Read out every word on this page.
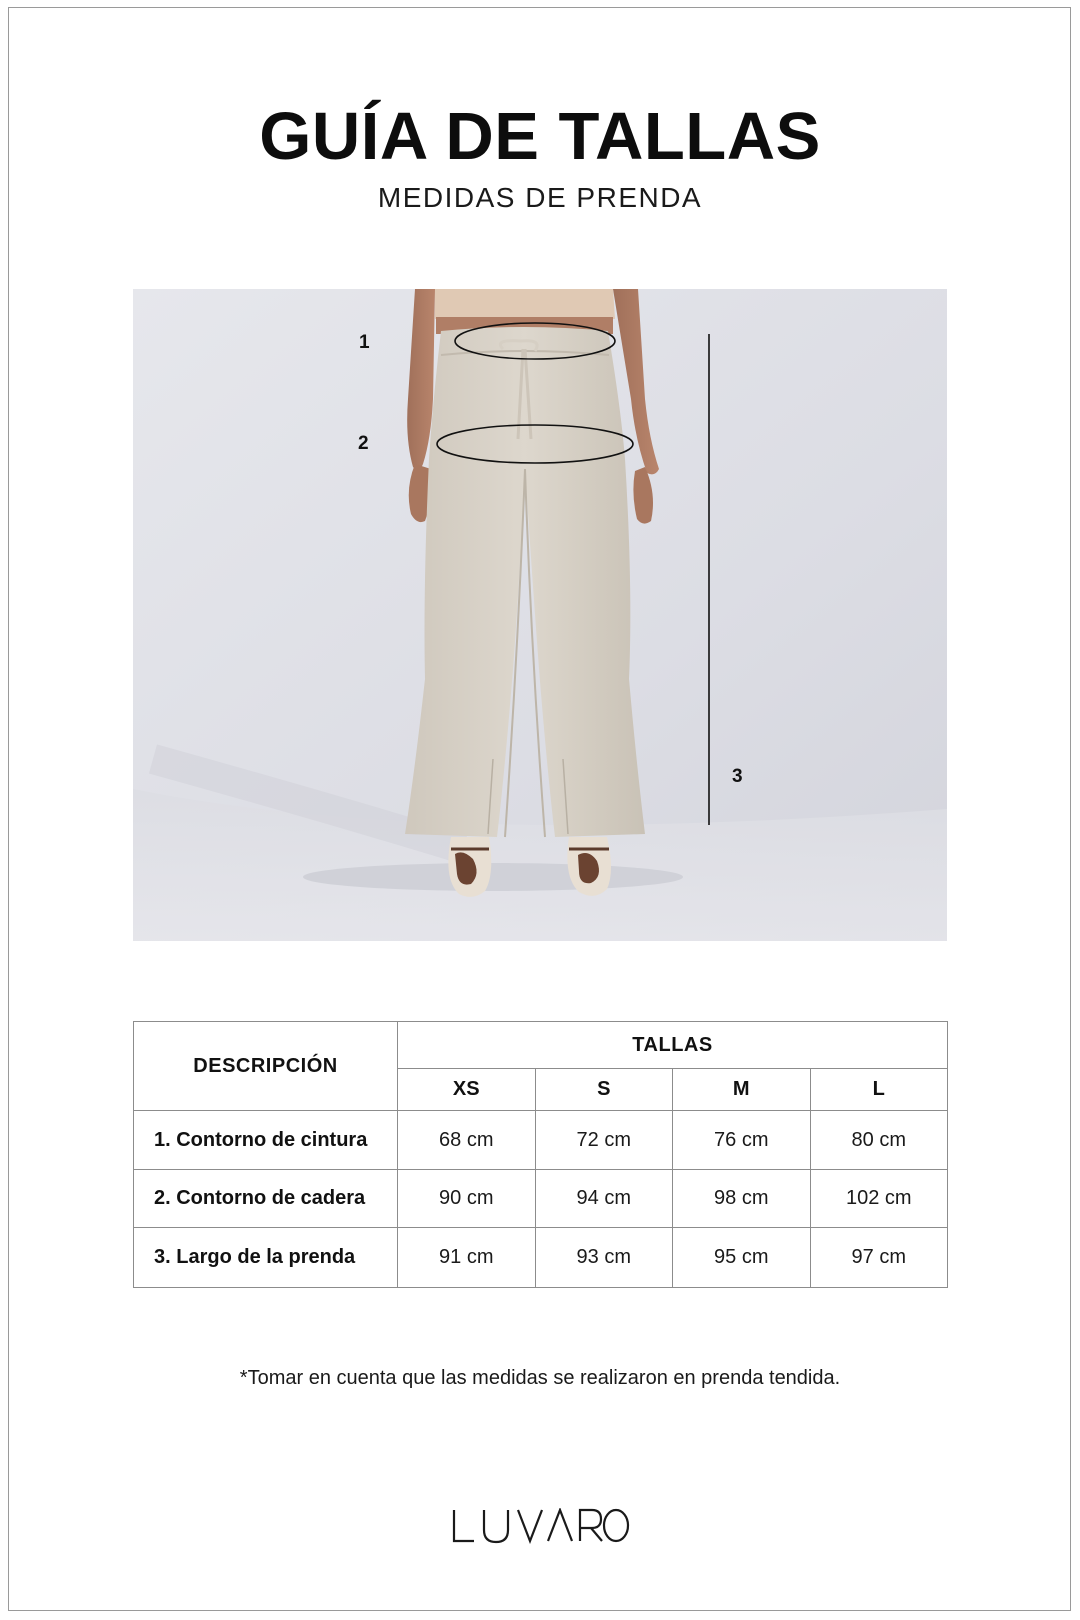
GUÍA DE TALLAS
MEDIDAS DE PRENDA
1
2
3
DESCRIPCIÓN	TALLAS			
	XS	S	M	L
1. Contorno de cintura	68 cm	72 cm	76 cm	80 cm
2. Contorno de cadera	90 cm	94 cm	98 cm	102 cm
3. Largo de la prenda	91 cm	93 cm	95 cm	97 cm
*Tomar en cuenta que las medidas se realizaron en prenda tendida.
